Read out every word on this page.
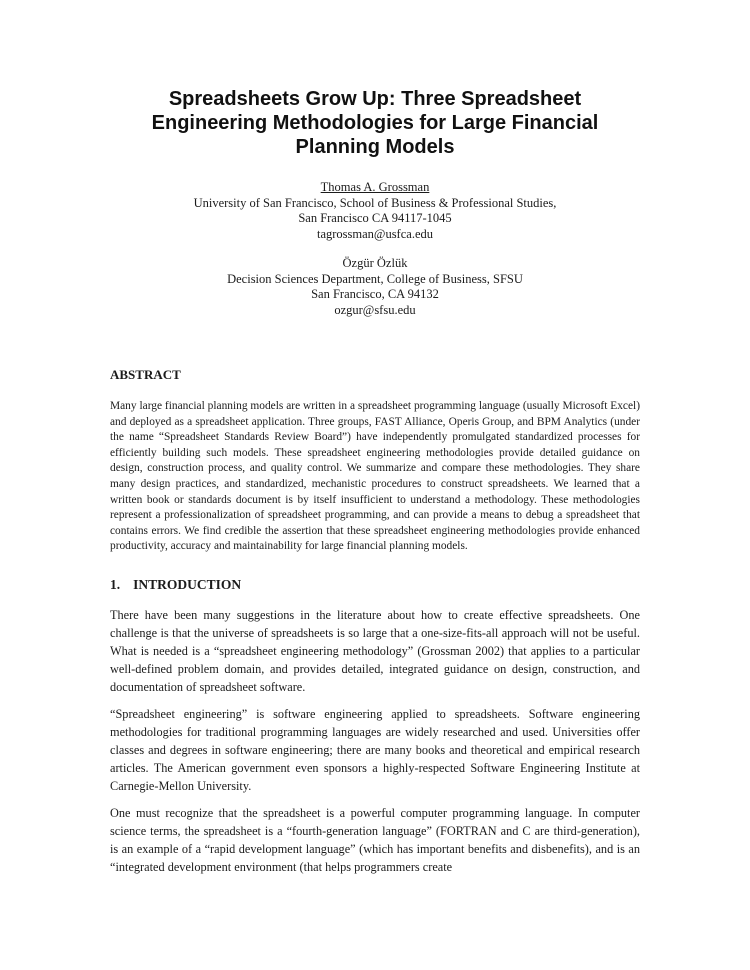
Spreadsheets Grow Up: Three Spreadsheet
Engineering Methodologies for Large Financial
Planning Models
Thomas A. Grossman
University of San Francisco, School of Business & Professional Studies,
San Francisco CA 94117-1045
tagrossman@usfca.edu
Özgür Özlük
Decision Sciences Department, College of Business, SFSU
San Francisco, CA 94132
ozgur@sfsu.edu
ABSTRACT

Many large financial planning models are written in a spreadsheet programming language (usually Microsoft Excel) and deployed as a spreadsheet application. Three groups, FAST Alliance, Operis Group, and BPM Analytics (under the name “Spreadsheet Standards Review Board”) have independently promulgated standardized processes for efficiently building such models. These spreadsheet engineering methodologies provide detailed guidance on design, construction process, and quality control. We summarize and compare these methodologies. They share many design practices, and standardized, mechanistic procedures to construct spreadsheets. We learned that a written book or standards document is by itself insufficient to understand a methodology. These methodologies represent a professionalization of spreadsheet programming, and can provide a means to debug a spreadsheet that contains errors. We find credible the assertion that these spreadsheet engineering methodologies provide enhanced productivity, accuracy and maintainability for large financial planning models.

1. INTRODUCTION

There have been many suggestions in the literature about how to create effective spreadsheets. One challenge is that the universe of spreadsheets is so large that a one-size-fits-all approach will not be useful. What is needed is a “spreadsheet engineering methodology” (Grossman 2002) that applies to a particular well-defined problem domain, and provides detailed, integrated guidance on design, construction, and documentation of spreadsheet software.

“Spreadsheet engineering” is software engineering applied to spreadsheets. Software engineering methodologies for traditional programming languages are widely researched and used. Universities offer classes and degrees in software engineering; there are many books and theoretical and empirical research articles. The American government even sponsors a highly-respected Software Engineering Institute at Carnegie-Mellon University.

One must recognize that the spreadsheet is a powerful computer programming language. In computer science terms, the spreadsheet is a “fourth-generation language” (FORTRAN and C are third-generation), is an example of a “rapid development language” (which has important benefits and disbenefits), and is an “integrated development environment (that helps programmers create
